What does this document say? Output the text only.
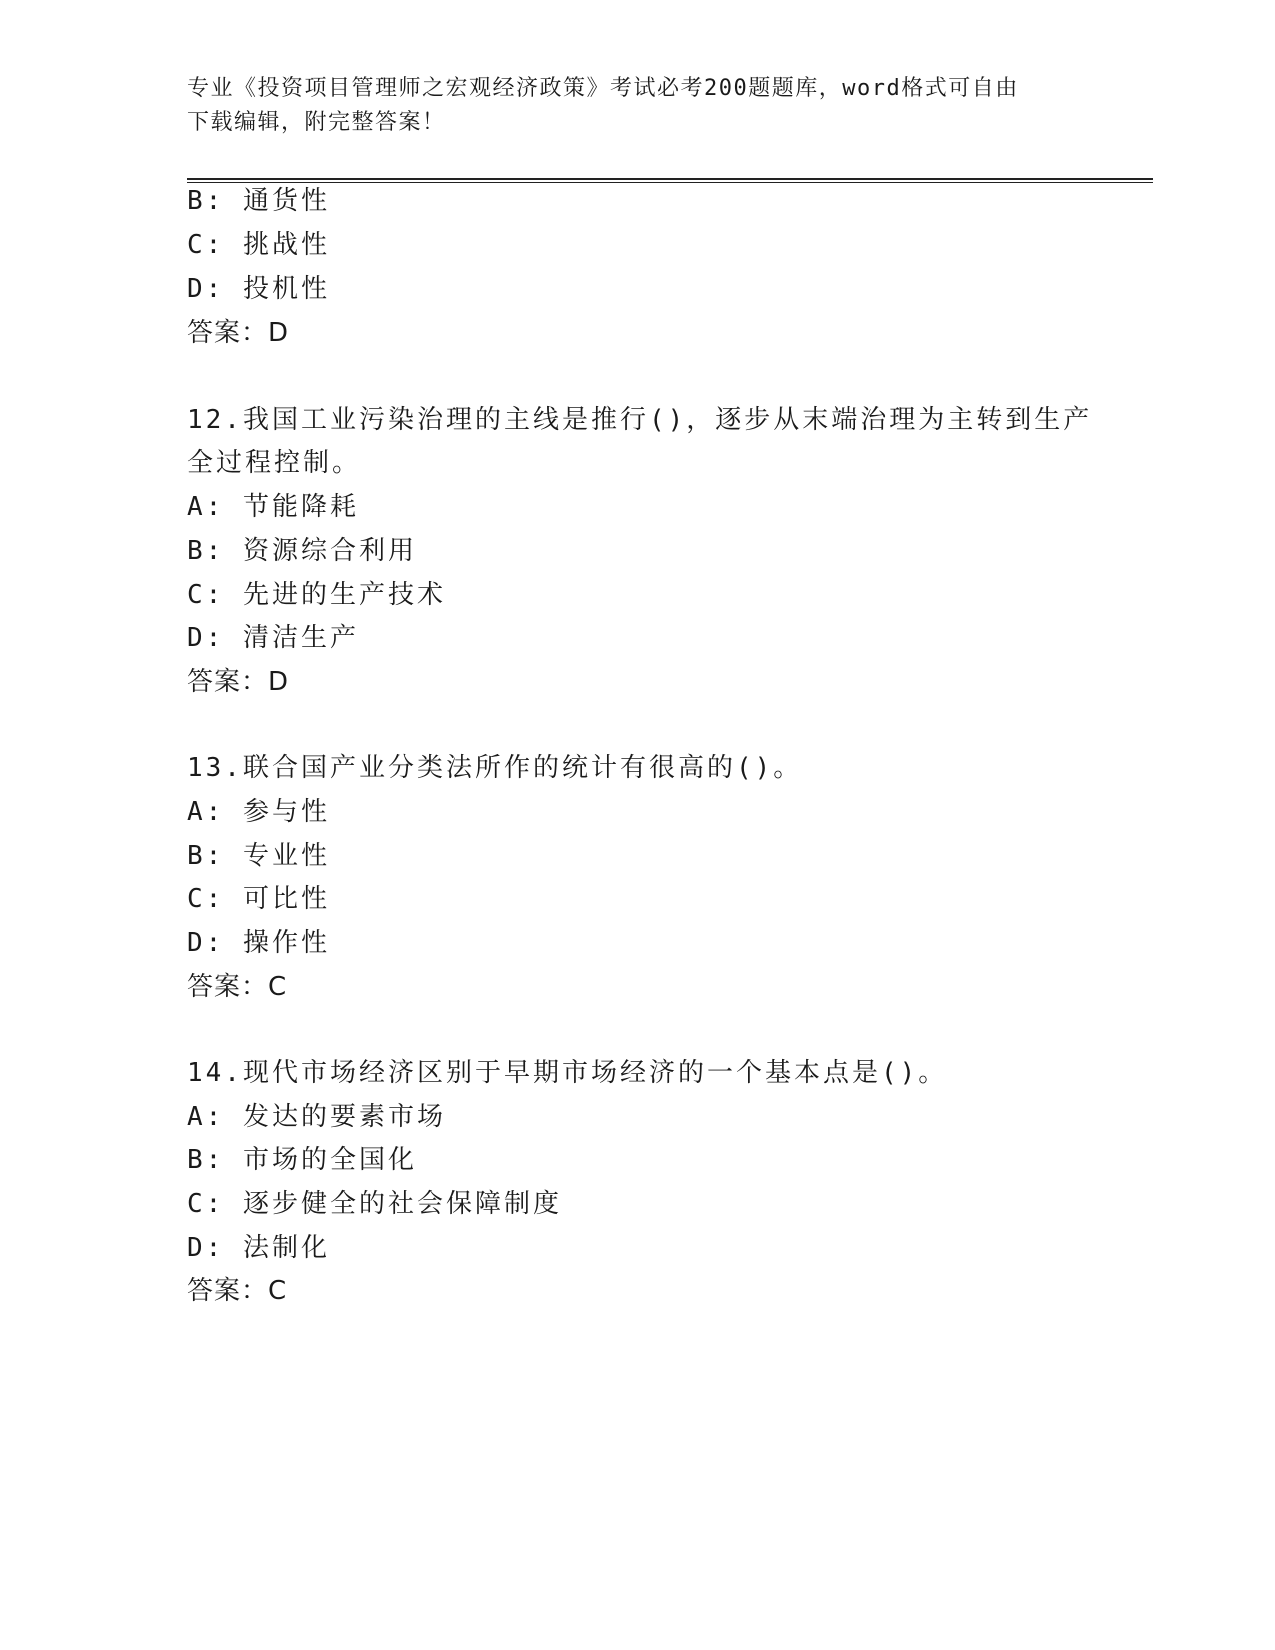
专业《投资项目管理师之宏观经济政策》考试必考200题题库，word格式可自由
下载编辑，附完整答案！
B: 通货性
C: 挑战性
D: 投机性
答案：D
12.我国工业污染治理的主线是推行()，逐步从末端治理为主转到生产
全过程控制。
A: 节能降耗
B: 资源综合利用
C: 先进的生产技术
D: 清洁生产
答案：D
13.联合国产业分类法所作的统计有很高的()。
A: 参与性
B: 专业性
C: 可比性
D: 操作性
答案：C
14.现代市场经济区别于早期市场经济的一个基本点是()。
A: 发达的要素市场
B: 市场的全国化
C: 逐步健全的社会保障制度
D: 法制化
答案：C
